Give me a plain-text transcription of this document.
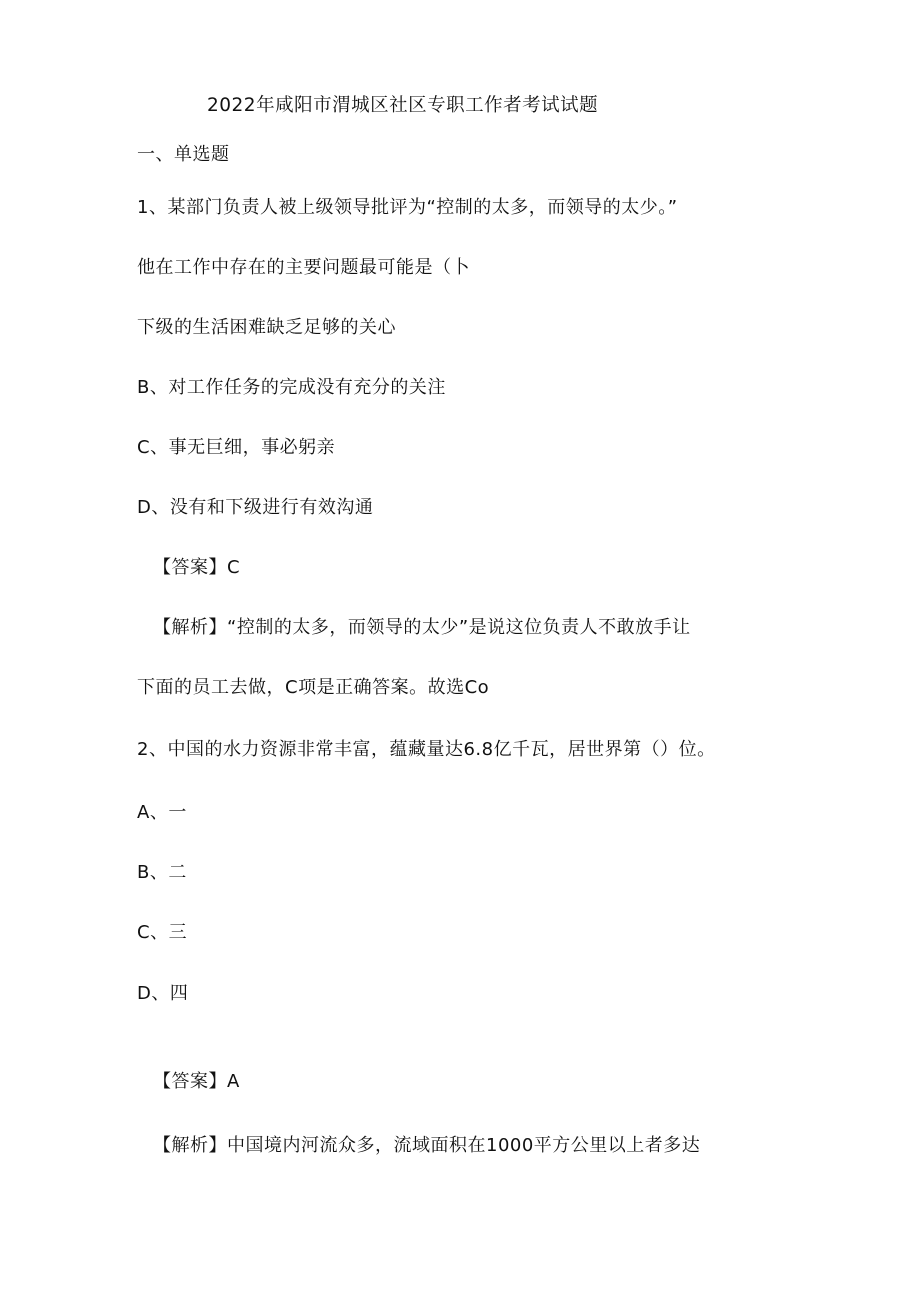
2022年咸阳市渭城区社区专职工作者考试试题
一、单选题
1、某部门负责人被上级领导批评为“控制的太多，而领导的太少。”
他在工作中存在的主要问题最可能是（卜
下级的生活困难缺乏足够的关心
B、对工作任务的完成没有充分的关注
C、事无巨细，事必躬亲
D、没有和下级进行有效沟通
【答案】C
【解析】“控制的太多，而领导的太少”是说这位负责人不敢放手让
下面的员工去做，C项是正确答案。故选Co
2、中国的水力资源非常丰富，蕴藏量达6.8亿千瓦，居世界第（）位。
A、一
B、二
C、三
D、四
【答案】A
【解析】中国境内河流众多，流域面积在1000平方公里以上者多达
